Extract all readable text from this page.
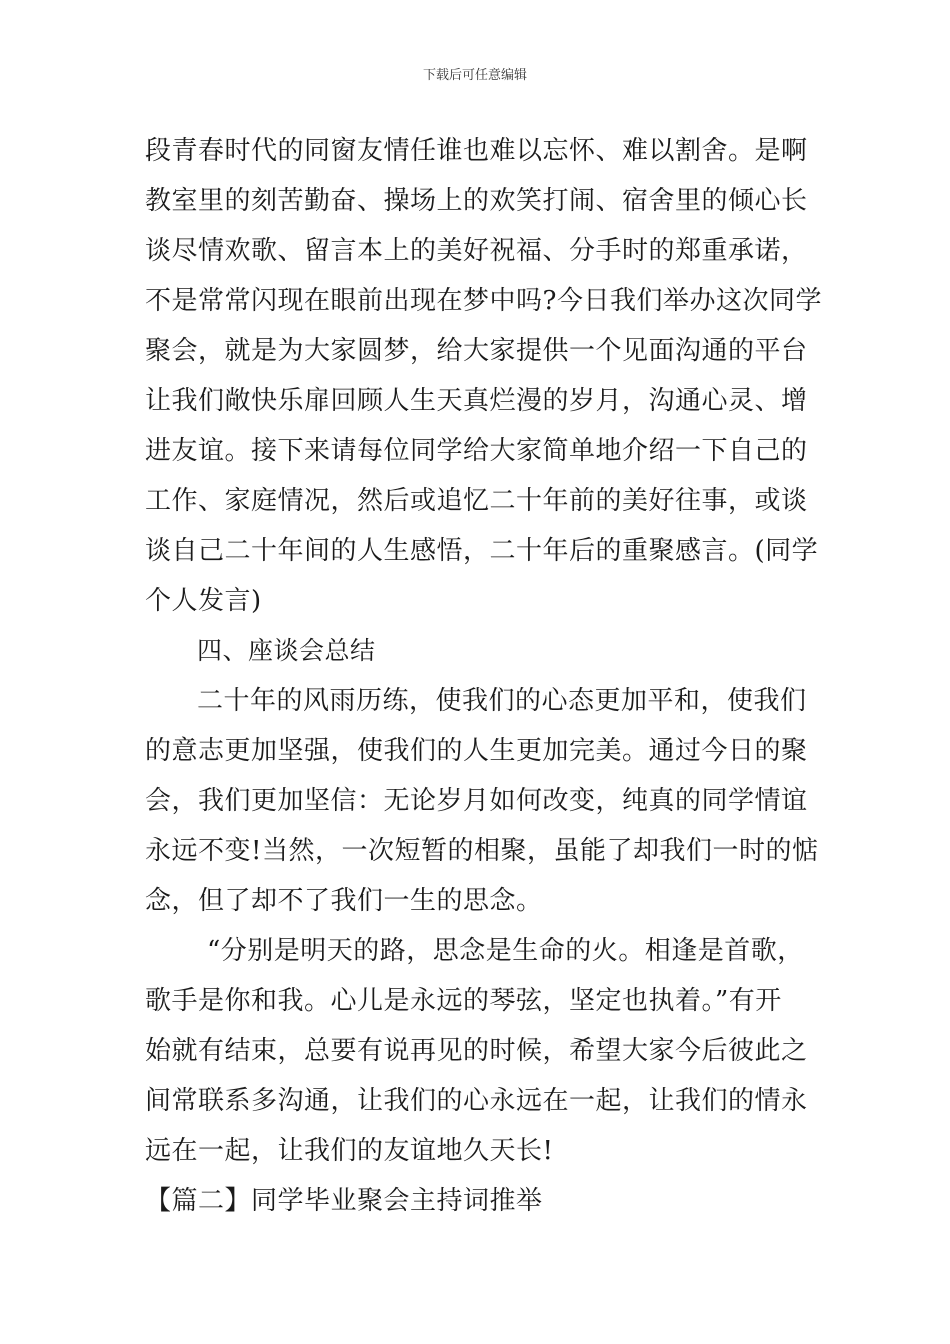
下载后可任意编辑
段青春时代的同窗友情任谁也难以忘怀、难以割舍。是啊
教室里的刻苦勤奋、操场上的欢笑打闹、宿舍里的倾心长
谈尽情欢歌、留言本上的美好祝福、分手时的郑重承诺，
不是常常闪现在眼前出现在梦中吗?今日我们举办这次同学
聚会，就是为大家圆梦，给大家提供一个见面沟通的平台
让我们敞快乐扉回顾人生天真烂漫的岁月，沟通心灵、增
进友谊。接下来请每位同学给大家简单地介绍一下自己的
工作、家庭情况，然后或追忆二十年前的美好往事，或谈
谈自己二十年间的人生感悟，二十年后的重聚感言。(同学
个人发言)
四、座谈会总结
二十年的风雨历练，使我们的心态更加平和，使我们
的意志更加坚强，使我们的人生更加完美。通过今日的聚
会，我们更加坚信：无论岁月如何改变，纯真的同学情谊
永远不变!当然，一次短暂的相聚，虽能了却我们一时的惦
念，但了却不了我们一生的思念。
“分别是明天的路，思念是生命的火。相逢是首歌，
歌手是你和我。心儿是永远的琴弦，坚定也执着。”有开
始就有结束，总要有说再见的时候，希望大家今后彼此之
间常联系多沟通，让我们的心永远在一起，让我们的情永
远在一起，让我们的友谊地久天长!
【篇二】同学毕业聚会主持词推举
